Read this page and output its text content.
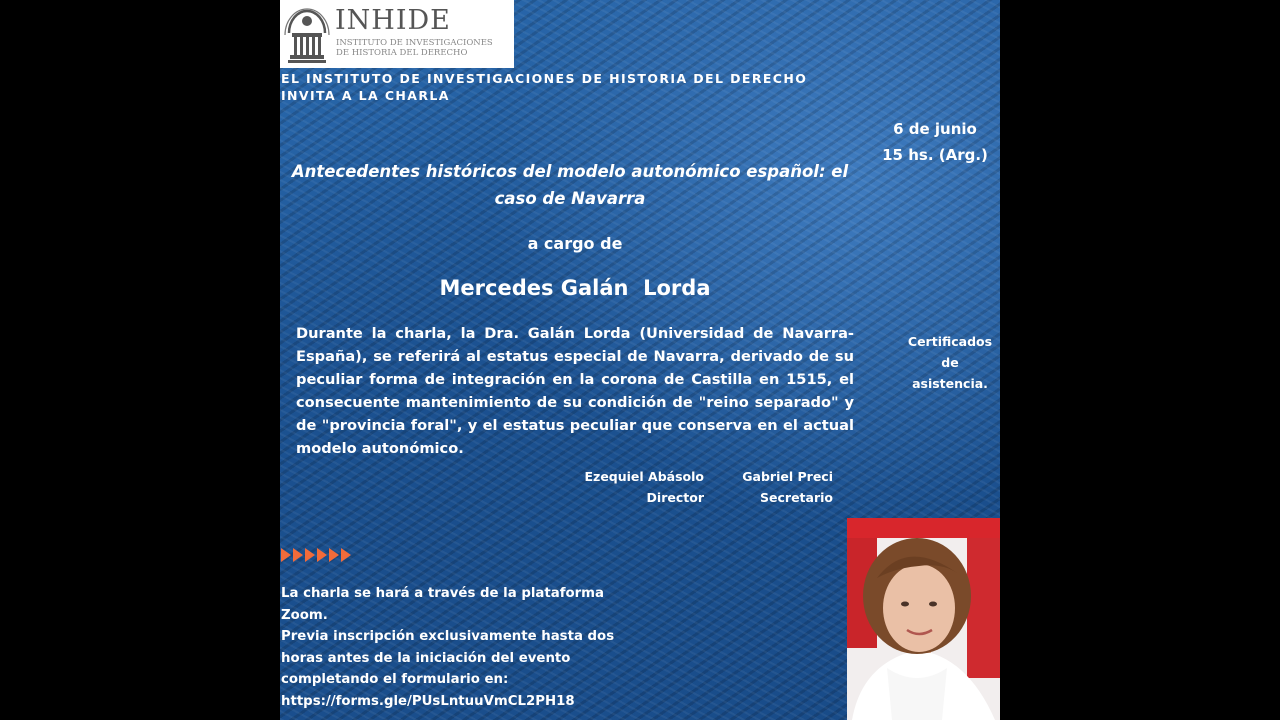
INHIDE
INSTITUTO DE INVESTIGACIONES
DE HISTORIA DEL DERECHO
EL INSTITUTO DE INVESTIGACIONES DE HISTORIA DEL DERECHO
INVITA A LA CHARLA
6 de junio
15 hs. (Arg.)
Antecedentes históricos del modelo autonómico español: el
caso de Navarra
a cargo de
Mercedes Galán  Lorda
Durante la charla, la Dra. Galán Lorda (Universidad de Navarra-España), se referirá al estatus especial de Navarra, derivado de su peculiar forma de integración en la corona de Castilla en 1515, el consecuente mantenimiento de su condición de "reino separado" y de "provincia foral", y el estatus peculiar que conserva en el actual modelo autonómico.
Ezequiel Abásolo
Director
Gabriel Preci
Secretario
Certificados
de
asistencia.
La charla se hará a través de la plataforma
Zoom.
Previa inscripción exclusivamente hasta dos
horas antes de la iniciación del evento
completando el formulario en:
https://forms.gle/PUsLntuuVmCL2PH18
